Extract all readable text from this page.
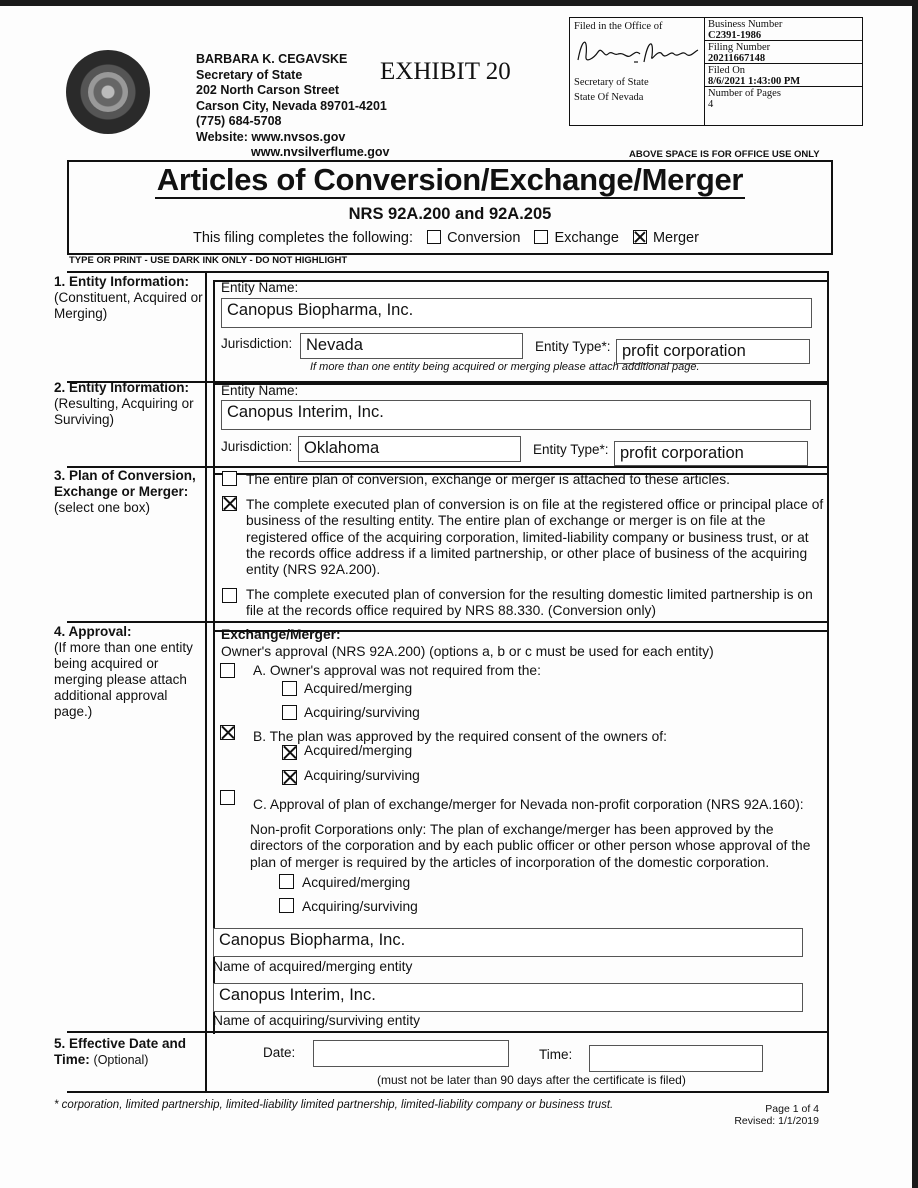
BARBARA K. CEGAVSKE
Secretary of State
202 North Carson Street
Carson City, Nevada 89701-4201
(775) 684-5708
Website: www.nvsos.gov
www.nvsilverflume.gov
EXHIBIT 20
Filed in the Office of
Secretary of State
State Of Nevada
Business Number
C2391-1986
Filing Number
20211667148
Filed On
8/6/2021 1:43:00 PM
Number of Pages
4
ABOVE SPACE IS FOR OFFICE USE ONLY
Articles of Conversion/Exchange/Merger
NRS 92A.200 and 92A.205
This filing completes the following: Conversion Exchange Merger
TYPE OR PRINT - USE DARK INK ONLY - DO NOT HIGHLIGHT
1. Entity Information:
(Constituent, Acquired or Merging)
Entity Name:
Canopus Biopharma, Inc.
Jurisdiction: Nevada	Entity Type*: profit corporation
If more than one entity being acquired or merging please attach additional page.
2. Entity Information:
(Resulting, Acquiring or Surviving)
Entity Name:
Canopus Interim, Inc.
Jurisdiction: Oklahoma	Entity Type*: profit corporation
3. Plan of Conversion,
Exchange or Merger:
(select one box)
The entire plan of conversion, exchange or merger is attached to these articles.
The complete executed plan of conversion is on file at the registered office or principal place of business of the resulting entity. The entire plan of exchange or merger is on file at the registered office of the acquiring corporation, limited-liability company or business trust, or at the records office address if a limited partnership, or other place of business of the acquiring entity (NRS 92A.200).
The complete executed plan of conversion for the resulting domestic limited partnership is on file at the records office required by NRS 88.330. (Conversion only)
4. Approval:
(If more than one entity being acquired or merging please attach additional approval page.)
Exchange/Merger:
Owner's approval (NRS 92A.200) (options a, b or c must be used for each entity)
A. Owner's approval was not required from the:
Acquired/merging
Acquiring/surviving
B. The plan was approved by the required consent of the owners of:
Acquired/merging
Acquiring/surviving
C. Approval of plan of exchange/merger for Nevada non-profit corporation (NRS 92A.160):
Non-profit Corporations only: The plan of exchange/merger has been approved by the directors of the corporation and by each public officer or other person whose approval of the plan of merger is required by the articles of incorporation of the domestic corporation.
Acquired/merging
Acquiring/surviving
Canopus Biopharma, Inc.
Name of acquired/merging entity
Canopus Interim, Inc.
Name of acquiring/surviving entity
5. Effective Date and
Time: (Optional)	Date:	Time:
(must not be later than 90 days after the certificate is filed)
* corporation, limited partnership, limited-liability limited partnership, limited-liability company or business trust.	Page 1 of 4
Revised: 1/1/2019
